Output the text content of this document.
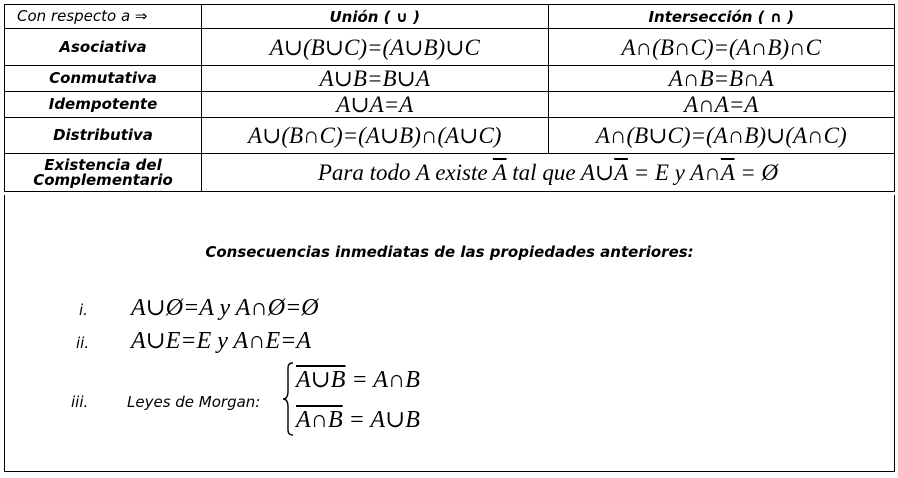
Con respecto a ⇒	Unión ( ∪ )	Intersección ( ∩ )
Asociativa	A∪(B∪C)=(A∪B)∪C	A∩(B∩C)=(A∩B)∩C
Conmutativa	A∪B=B∪A	A∩B=B∩A
Idempotente	A∪A=A	A∩A=A
Distributiva	A∪(B∩C)=(A∪B)∩(A∪C)	A∩(B∪C)=(A∩B)∪(A∩C)

Existencia del
Complementario	Para todo A existe $\overline{A}$ tal que $A\cup\overline{A} = E$ y $A\cap\overline{A}$ = Ø	
Consecuencias inmediatas de las propiedades anteriores:
i. A∪Ø=A y A∩Ø=Ø
ii. A∪E=E y A∩E=A
iii.	Leyes de Morgan:
A∪B = A∩B
A∩B = A∪B
